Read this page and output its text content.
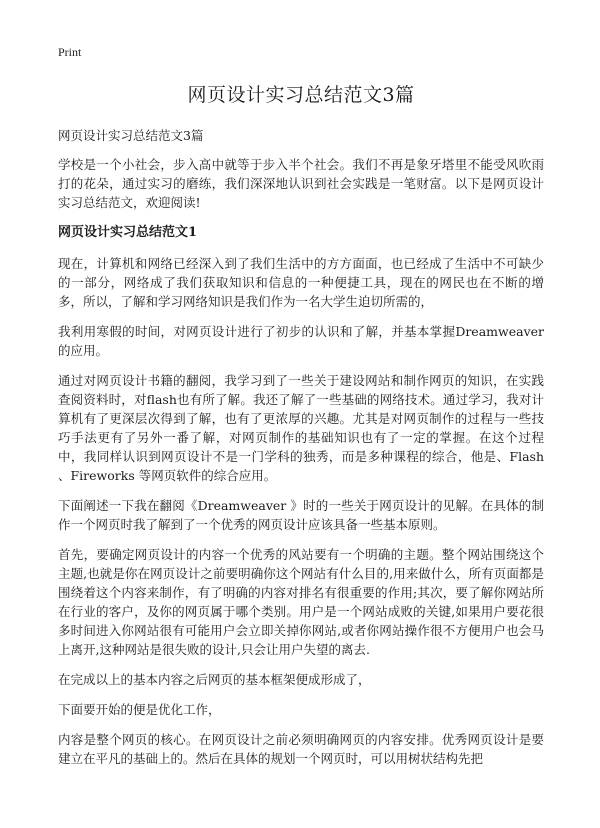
Print
网页设计实习总结范文3篇
网页设计实习总结范文3篇

学校是一个小社会，步入高中就等于步入半个社会。我们不再是象牙塔里不能受风吹雨打的花朵，通过实习的磨练，我们深深地认识到社会实践是一笔财富。以下是网页设计实习总结范文，欢迎阅读!

网页设计实习总结范文1

现在，计算机和网络已经深入到了我们生活中的方方面面，也已经成了生活中不可缺少的一部分，网络成了我们获取知识和信息的一种便捷工具，现在的网民也在不断的增多，所以，了解和学习网络知识是我们作为一名大学生迫切所需的，

我利用寒假的时间，对网页设计进行了初步的认识和了解，并基本掌握Dreamweaver 的应用。

通过对网页设计书籍的翻阅，我学习到了一些关于建设网站和制作网页的知识，在实践查阅资料时，对flash也有所了解。我还了解了一些基础的网络技术。通过学习，我对计算机有了更深层次得到了解，也有了更浓厚的兴趣。尤其是对网页制作的过程与一些技巧手法更有了另外一番了解，对网页制作的基础知识也有了一定的掌握。在这个过程中，我同样认识到网页设计不是一门学科的独秀，而是多种课程的综合，他是、Flash 、Fireworks 等网页软件的综合应用。

下面阐述一下我在翻阅《Dreamweaver 》时的一些关于网页设计的见解。在具体的制作一个网页时我了解到了一个优秀的网页设计应该具备一些基本原则。

首先，要确定网页设计的内容一个优秀的风站要有一个明确的主题。整个网站围绕这个主题,也就是你在网页设计之前要明确你这个网站有什么目的,用来做什么，所有页面都是围绕着这个内容来制作，有了明确的内容对排名有很重要的作用;其次，要了解你网站所在行业的客户，及你的网页属于哪个类别。用户是一个网站成败的关键,如果用户要花很多时间进入你网站很有可能用户会立即关掉你网站,或者你网站操作很不方便用户也会马上离开,这种网站是很失败的设计,只会让用户失望的离去.

在完成以上的基本内容之后网页的基本框架便成形成了，

下面要开始的便是优化工作，

内容是整个网页的核心。在网页设计之前必须明确网页的内容安排。优秀网页设计是要建立在平凡的基础上的。然后在具体的规划一个网页时，可以用树状结构先把
